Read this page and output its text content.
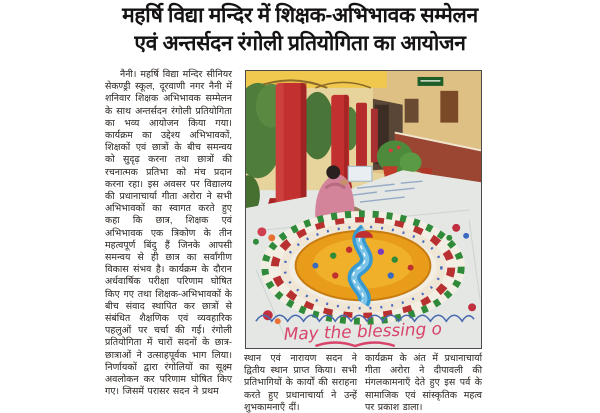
महर्षि विद्या मन्दिर में शिक्षक-अभिभावक सम्मेलन
एवं अन्तर्सदन रंगोली प्रतियोगिता का आयोजन
नैनी। महर्षि विद्या मन्दिर सीनियर सेकण्ड्री स्कूल, दूरवाणी नगर नैनी में शनिवार शिक्षक अभिभावक सम्मेलन के साथ अन्तर्सदन रंगोली प्रतियोगिता का भव्य आयोजन किया गया। कार्यक्रम का उद्देश्य अभिभावकों, शिक्षकों एवं छात्रों के बीच समन्वय को सुदृढ़ करना तथा छात्रों की रचनात्मक प्रतिभा को मंच प्रदान करना रहा। इस अवसर पर विद्यालय की प्रधानाचार्या गीता अरोरा ने सभी अभिभावकों का स्वागत करते हुए कहा कि छात्र, शिक्षक एवं अभिभावक एक त्रिकोण के तीन महत्वपूर्ण बिंदु हैं जिनके आपसी समन्वय से ही छात्र का सर्वांगीण विकास संभव है। कार्यक्रम के दौरान अर्धवार्षिक परीक्षा परिणाम घोषित किए गए तथा शिक्षक-अभिभावकों के बीच संवाद स्थापित कर छात्रों से संबंधित शैक्षणिक एवं व्यवहारिक पहलुओं पर चर्चा की गई। रंगोली प्रतियोगिता में चारों सदनों के छात्र-छात्राओं ने उत्साहपूर्वक भाग लिया। निर्णायकों द्वारा रंगोलियों का सूक्ष्म अवलोकन कर परिणाम घोषित किए गए। जिसमें परासर सदन ने प्रथम
May the blessing o
स्थान एवं नारायण सदन ने द्वितीय स्थान प्राप्त किया। सभी प्रतिभागियों के कार्यों की सराहना करते हुए प्रधानाचार्या ने उन्हें शुभकामनाएँ दीं।
कार्यक्रम के अंत में प्रधानाचार्या गीता अरोरा ने दीपावली की मंगलकामनाएँ देते हुए इस पर्व के सामाजिक एवं सांस्कृतिक महत्व पर प्रकाश डाला।
